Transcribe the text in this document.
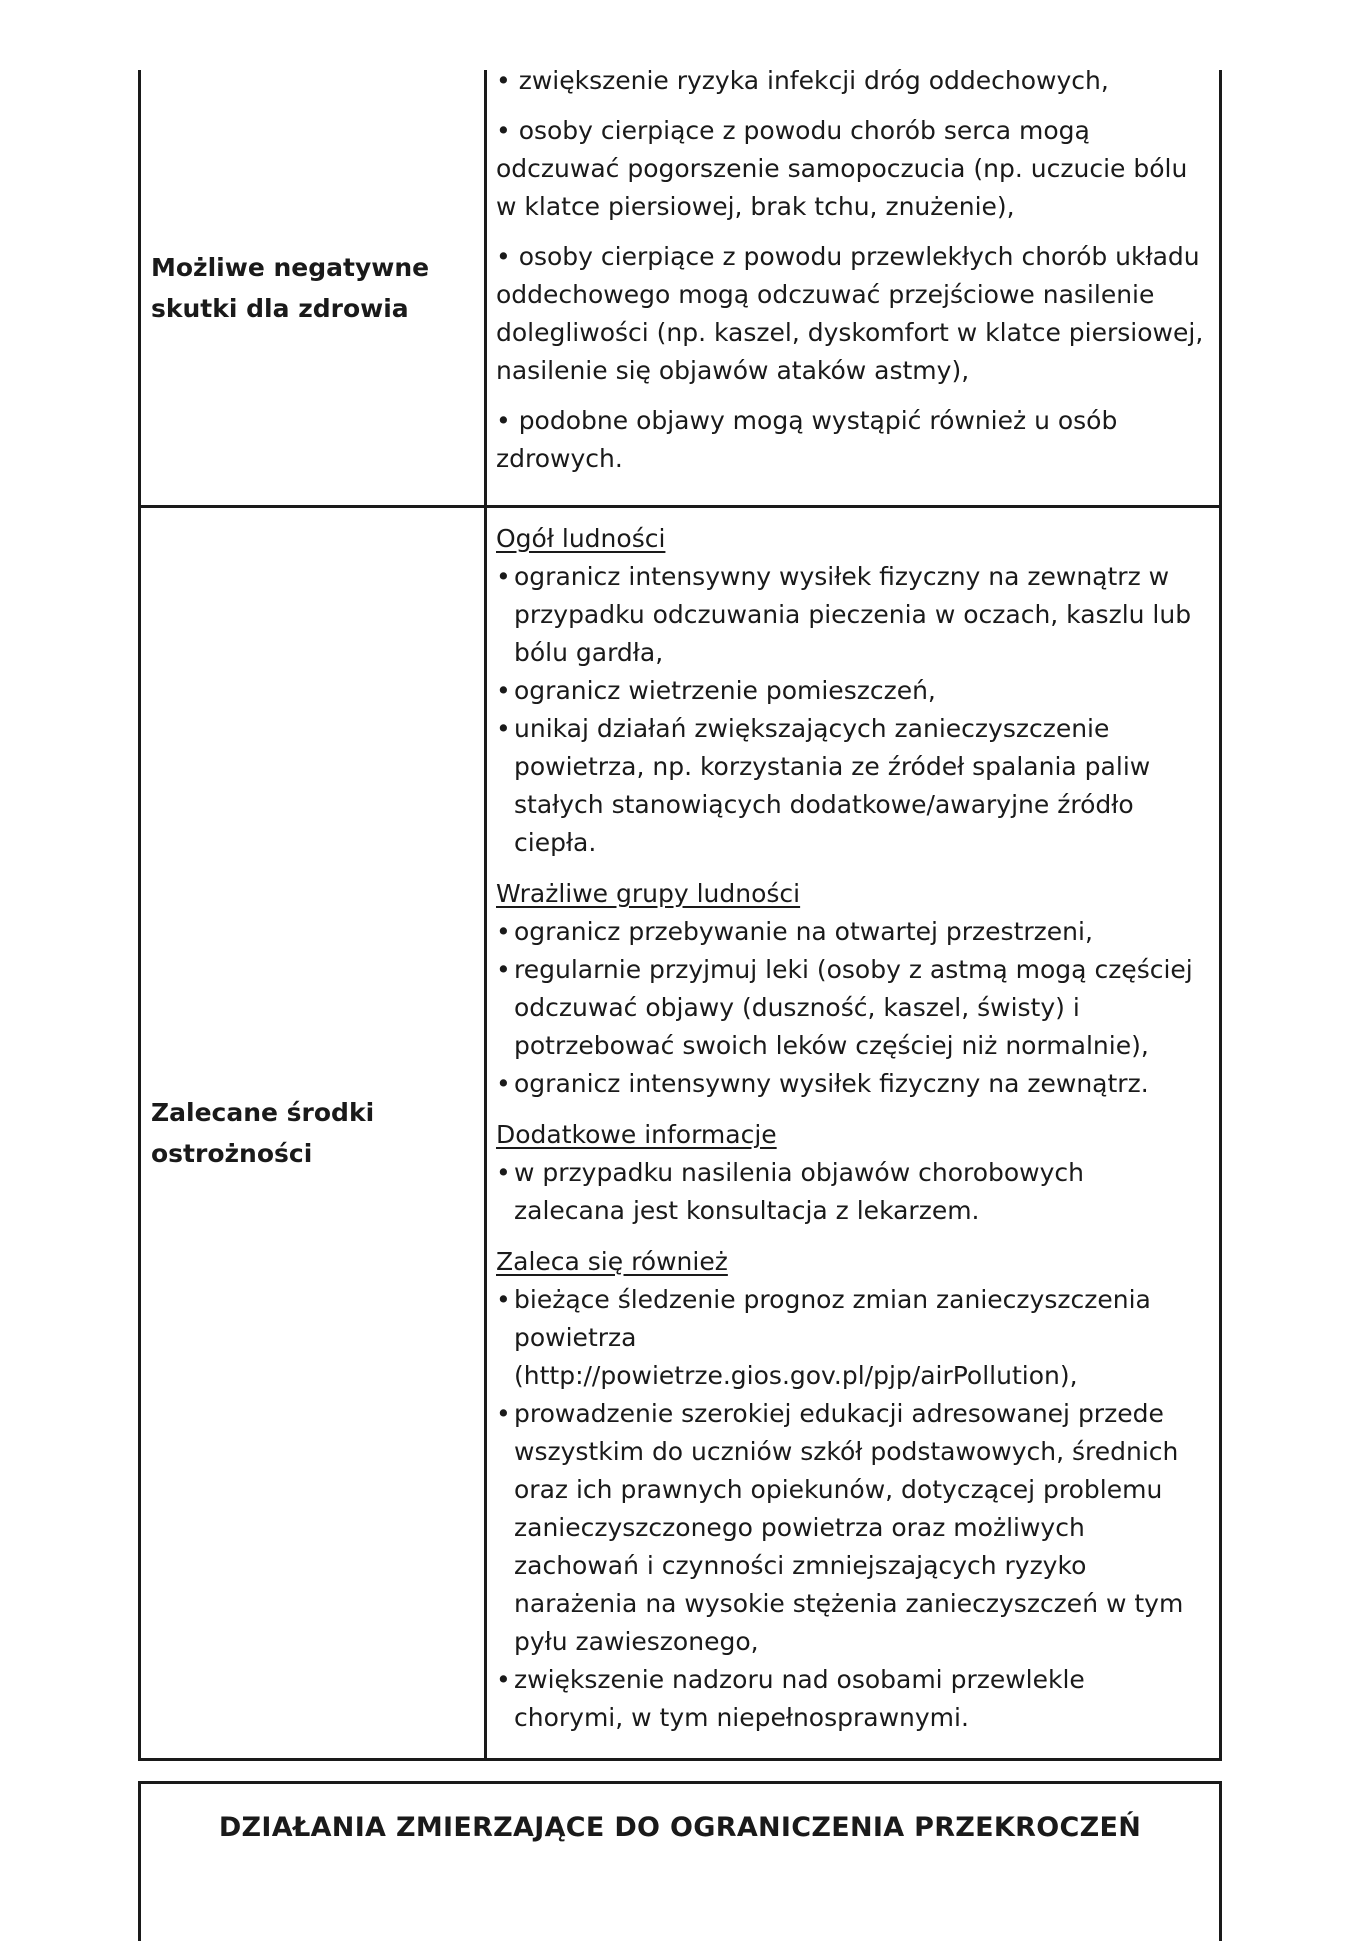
Możliwe negatywne
skutki dla zdrowia
• zwiększenie ryzyka infekcji dróg oddechowych,
• osoby cierpiące z powodu chorób serca mogą
odczuwać pogorszenie samopoczucia (np. uczucie bólu
w klatce piersiowej, brak tchu, znużenie),
• osoby cierpiące z powodu przewlekłych chorób układu
oddechowego mogą odczuwać przejściowe nasilenie
dolegliwości (np. kaszel, dyskomfort w klatce piersiowej,
nasilenie się objawów ataków astmy),
• podobne objawy mogą wystąpić również u osób
zdrowych.
Zalecane środki
ostrożności
Ogół ludności
• ogranicz intensywny wysiłek fizyczny na zewnątrz w
przypadku odczuwania pieczenia w oczach, kaszlu lub
bólu gardła,
• ogranicz wietrzenie pomieszczeń,
• unikaj działań zwiększających zanieczyszczenie
powietrza, np. korzystania ze źródeł spalania paliw
stałych stanowiących dodatkowe/awaryjne źródło
ciepła.
Wrażliwe grupy ludności
• ogranicz przebywanie na otwartej przestrzeni,
• regularnie przyjmuj leki (osoby z astmą mogą częściej
odczuwać objawy (duszność, kaszel, świsty) i
potrzebować swoich leków częściej niż normalnie),
• ogranicz intensywny wysiłek fizyczny na zewnątrz.
Dodatkowe informacje
• w przypadku nasilenia objawów chorobowych
zalecana jest konsultacja z lekarzem.
Zaleca się również
• bieżące śledzenie prognoz zmian zanieczyszczenia
powietrza
(http://powietrze.gios.gov.pl/pjp/airPollution),
• prowadzenie szerokiej edukacji adresowanej przede
wszystkim do uczniów szkół podstawowych, średnich
oraz ich prawnych opiekunów, dotyczącej problemu
zanieczyszczonego powietrza oraz możliwych
zachowań i czynności zmniejszających ryzyko
narażenia na wysokie stężenia zanieczyszczeń w tym
pyłu zawieszonego,
• zwiększenie nadzoru nad osobami przewlekle
chorymi, w tym niepełnosprawnymi.
DZIAŁANIA ZMIERZAJĄCE DO OGRANICZENIA PRZEKROCZEŃ
